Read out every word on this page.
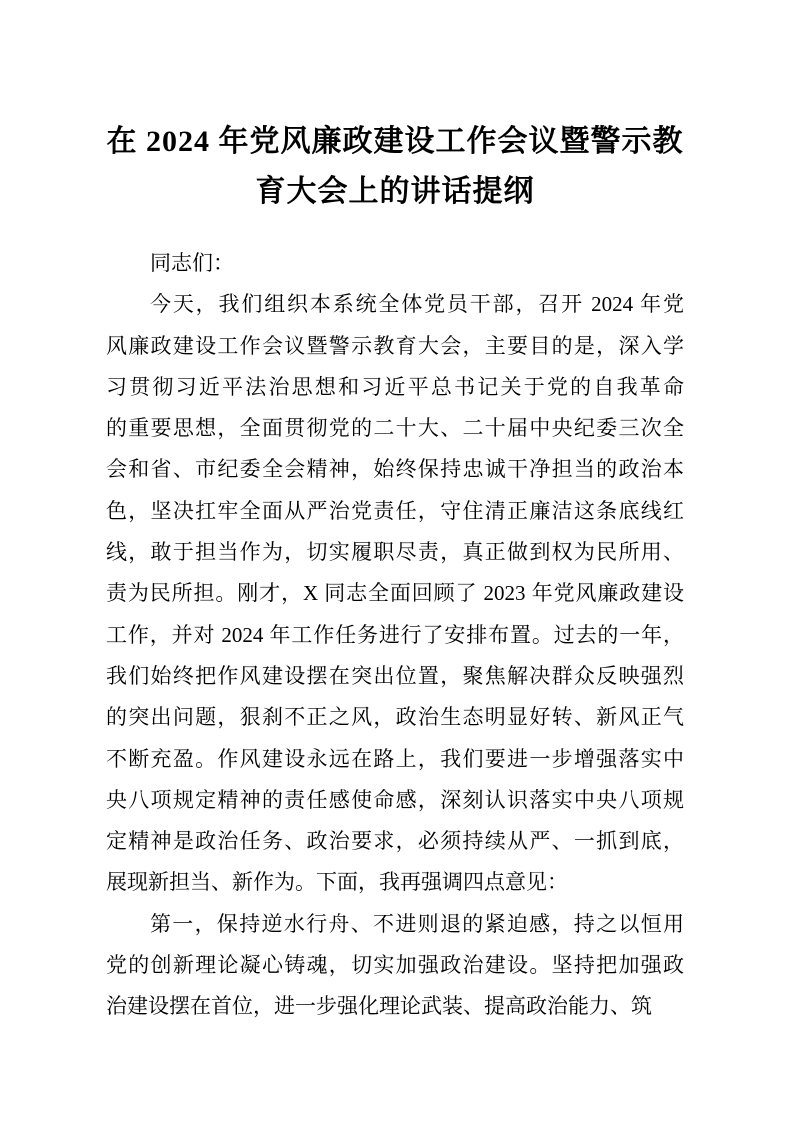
在 2024 年党风廉政建设工作会议暨警示教
育大会上的讲话提纲
同志们：
今天，我们组织本系统全体党员干部，召开 2024 年党
风廉政建设工作会议暨警示教育大会，主要目的是，深入学
习贯彻习近平法治思想和习近平总书记关于党的自我革命
的重要思想，全面贯彻党的二十大、二十届中央纪委三次全
会和省、市纪委全会精神，始终保持忠诚干净担当的政治本
色，坚决扛牢全面从严治党责任，守住清正廉洁这条底线红
线，敢于担当作为，切实履职尽责，真正做到权为民所用、
责为民所担。刚才，X 同志全面回顾了 2023 年党风廉政建设
工作，并对 2024 年工作任务进行了安排布置。过去的一年，
我们始终把作风建设摆在突出位置，聚焦解决群众反映强烈
的突出问题，狠刹不正之风，政治生态明显好转、新风正气
不断充盈。作风建设永远在路上，我们要进一步增强落实中
央八项规定精神的责任感使命感，深刻认识落实中央八项规
定精神是政治任务、政治要求，必须持续从严、一抓到底，
展现新担当、新作为。下面，我再强调四点意见：
第一，保持逆水行舟、不进则退的紧迫感，持之以恒用
党的创新理论凝心铸魂，切实加强政治建设。坚持把加强政
治建设摆在首位，进一步强化理论武装、提高政治能力、筑
